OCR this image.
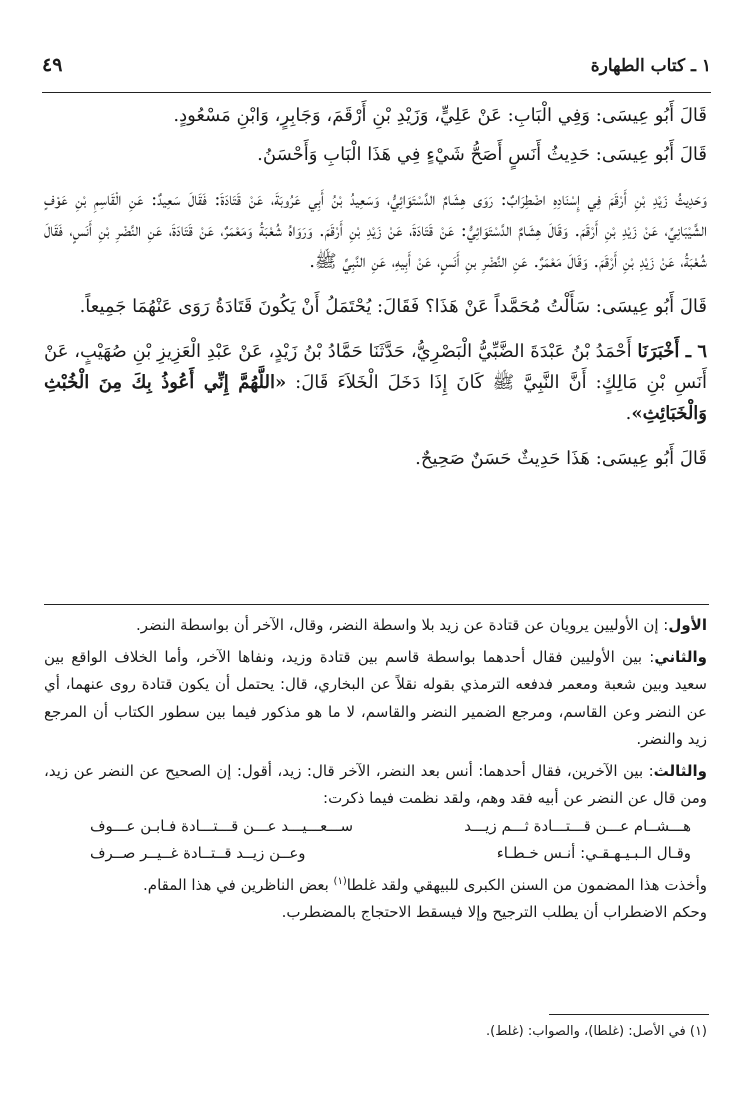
١ ـ كتاب الطهارة
٤٩

قَالَ أَبُو عِيسَى: وَفِي الْبَابِ: عَنْ عَلِيٍّ، وَزَيْدِ بْنِ أَرْقَمَ، وَجَابِرٍ، وَابْنِ مَسْعُودٍ.

قَالَ أَبُو عِيسَى: حَدِيثُ أَنَسٍ أَصَحُّ شَيْءٍ فِي هَذَا الْبَابِ وَأَحْسَنُ.

وَحَدِيثُ زَيْدِ بْنِ أَرْقَمَ فِي إِسْنَادِهِ اضْطِرَابٌ: رَوَى هِشَامٌ الدَّسْتَوَائِيُّ، وَسَعِيدُ بْنُ أَبِي عَرُوبَةَ، عَنْ قَتَادَةَ: فَقَالَ سَعِيدٌ: عَنِ الْقَاسِمِ بْنِ عَوْفٍ الشَّيْبَانِيِّ، عَنْ زَيْدِ بْنِ أَرْقَمَ. وَقَالَ هِشَامٌ الدَّسْتَوَائِيُّ: عَنْ قَتَادَةَ، عَنْ زَيْدِ بْنِ أَرْقَمَ. وَرَوَاهُ شُعْبَةُ وَمَعْمَرٌ، عَنْ قَتَادَةَ، عَنِ النَّضْرِ بْنِ أَنَسٍ، فَقَالَ شُعْبَةُ، عَنْ زَيْدِ بْنِ أَرْقَمَ. وَقَالَ مَعْمَرٌ. عَنِ النَّضْرِ بنِ أَنَسٍ، عَنْ أَبِيهِ، عَنِ النَّبِيِّ ﷺ.

قَالَ أَبُو عِيسَى: سَأَلْتُ مُحَمَّداً عَنْ هَذَا؟ فَقَالَ: يُحْتَمَلُ أَنْ يَكُونَ قَتَادَةُ رَوَى عَنْهُمَا جَمِيعاً.

٦ ـ أَخْبَرَنَا أَحْمَدُ بْنُ عَبْدَةَ الضَّبِّيُّ الْبَصْرِيُّ، حَدَّثَنَا حَمَّادُ بْنُ زَيْدٍ، عَنْ عَبْدِ الْعَزِيزِ بْنِ صُهَيْبٍ، عَنْ أَنَسِ بْنِ مَالِكٍ: أَنَّ النَّبِيَّ ﷺ كَانَ إِذَا دَخَلَ الْخَلاَءَ قَالَ: «اللَّهُمَّ إِنِّي أَعُوذُ بِكَ مِنَ الْخُبْثِ وَالْخَبَائِثِ».

قَالَ أَبُو عِيسَى: هَذَا حَدِيثٌ حَسَنٌ صَحِيحٌ.

الأول: إن الأوليين يرويان عن قتادة عن زيد بلا واسطة النضر، وقال، الآخر أن بواسطة النضر.

والثاني: بين الأوليين فقال أحدهما بواسطة قاسم بين قتادة وزيد، ونفاها الآخر، وأما الخلاف الواقع بين سعيد وبين شعبة ومعمر فدفعه الترمذي بقوله نقلاً عن البخاري، قال: يحتمل أن يكون قتادة روى عنهما، أي عن النضر وعن القاسم، ومرجع الضمير النضر والقاسم، لا ما هو مذكور فيما بين سطور الكتاب أن المرجع زيد والنضر.

والثالث: بين الآخرين، فقال أحدهما: أنس بعد النضر، الآخر قال: زيد، أقول: إن الصحيح عن النضر عن زيد، ومن قال عن النضر عن أبيه فقد وهم، ولقد نظمت فيما ذكرت:

هـــشــام عـــن قـــتـــادة ثـــم زيـــد
ســـعـــيـــد عـــن قـــتـــادة فـابـن عـــوف
وقـال الـبـيـهـقـي: أنـس خـطـاء
وعــن زيــد قــتــادة غــيــر صــرف

وأخذت هذا المضمون من السنن الكبرى للبيهقي ولقد غلطا$^{(١)}$ بعض الناظرين في هذا المقام.

وحكم الاضطراب أن يطلب الترجيح وإلا فيسقط الاحتجاج بالمضطرب.

(١) في الأصل: (غلطا)، والصواب: (غلط).
